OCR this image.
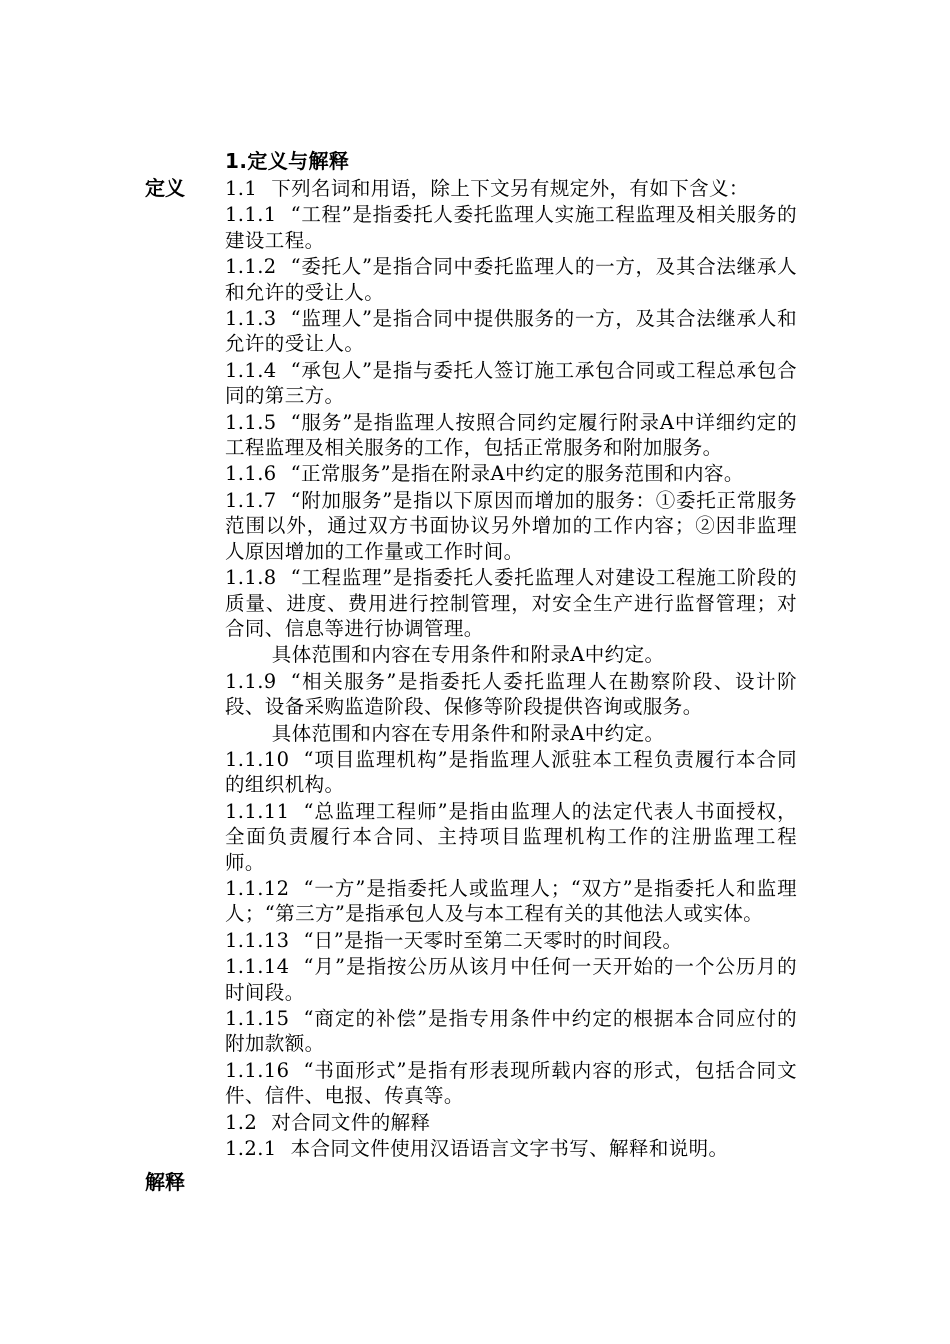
定义
解释
1.定义与解释
1.1 下列名词和用语，除上下文另有规定外，有如下含义：
1.1.1 “工程”是指委托人委托监理人实施工程监理及相关服务的建设工程。
1.1.2 “委托人”是指合同中委托监理人的一方，及其合法继承人和允许的受让人。
1.1.3 “监理人”是指合同中提供服务的一方，及其合法继承人和允许的受让人。
1.1.4 “承包人”是指与委托人签订施工承包合同或工程总承包合同的第三方。
1.1.5 “服务”是指监理人按照合同约定履行附录A中详细约定的工程监理及相关服务的工作，包括正常服务和附加服务。
1.1.6 “正常服务”是指在附录A中约定的服务范围和内容。
1.1.7 “附加服务”是指以下原因而增加的服务：①委托正常服务范围以外，通过双方书面协议另外增加的工作内容；②因非监理人原因增加的工作量或工作时间。
1.1.8 “工程监理”是指委托人委托监理人对建设工程施工阶段的质量、进度、费用进行控制管理，对安全生产进行监督管理；对合同、信息等进行协调管理。
具体范围和内容在专用条件和附录A中约定。
1.1.9 “相关服务”是指委托人委托监理人在勘察阶段、设计阶段、设备采购监造阶段、保修等阶段提供咨询或服务。
具体范围和内容在专用条件和附录A中约定。
1.1.10 “项目监理机构”是指监理人派驻本工程负责履行本合同的组织机构。
1.1.11 “总监理工程师”是指由监理人的法定代表人书面授权，全面负责履行本合同、主持项目监理机构工作的注册监理工程师。
1.1.12 “一方”是指委托人或监理人；“双方”是指委托人和监理人；“第三方”是指承包人及与本工程有关的其他法人或实体。
1.1.13 “日”是指一天零时至第二天零时的时间段。
1.1.14 “月”是指按公历从该月中任何一天开始的一个公历月的时间段。
1.1.15 “商定的补偿”是指专用条件中约定的根据本合同应付的附加款额。
1.1.16 “书面形式”是指有形表现所载内容的形式，包括合同文件、信件、电报、传真等。
1.2 对合同文件的解释
1.2.1 本合同文件使用汉语语言文字书写、解释和说明。
